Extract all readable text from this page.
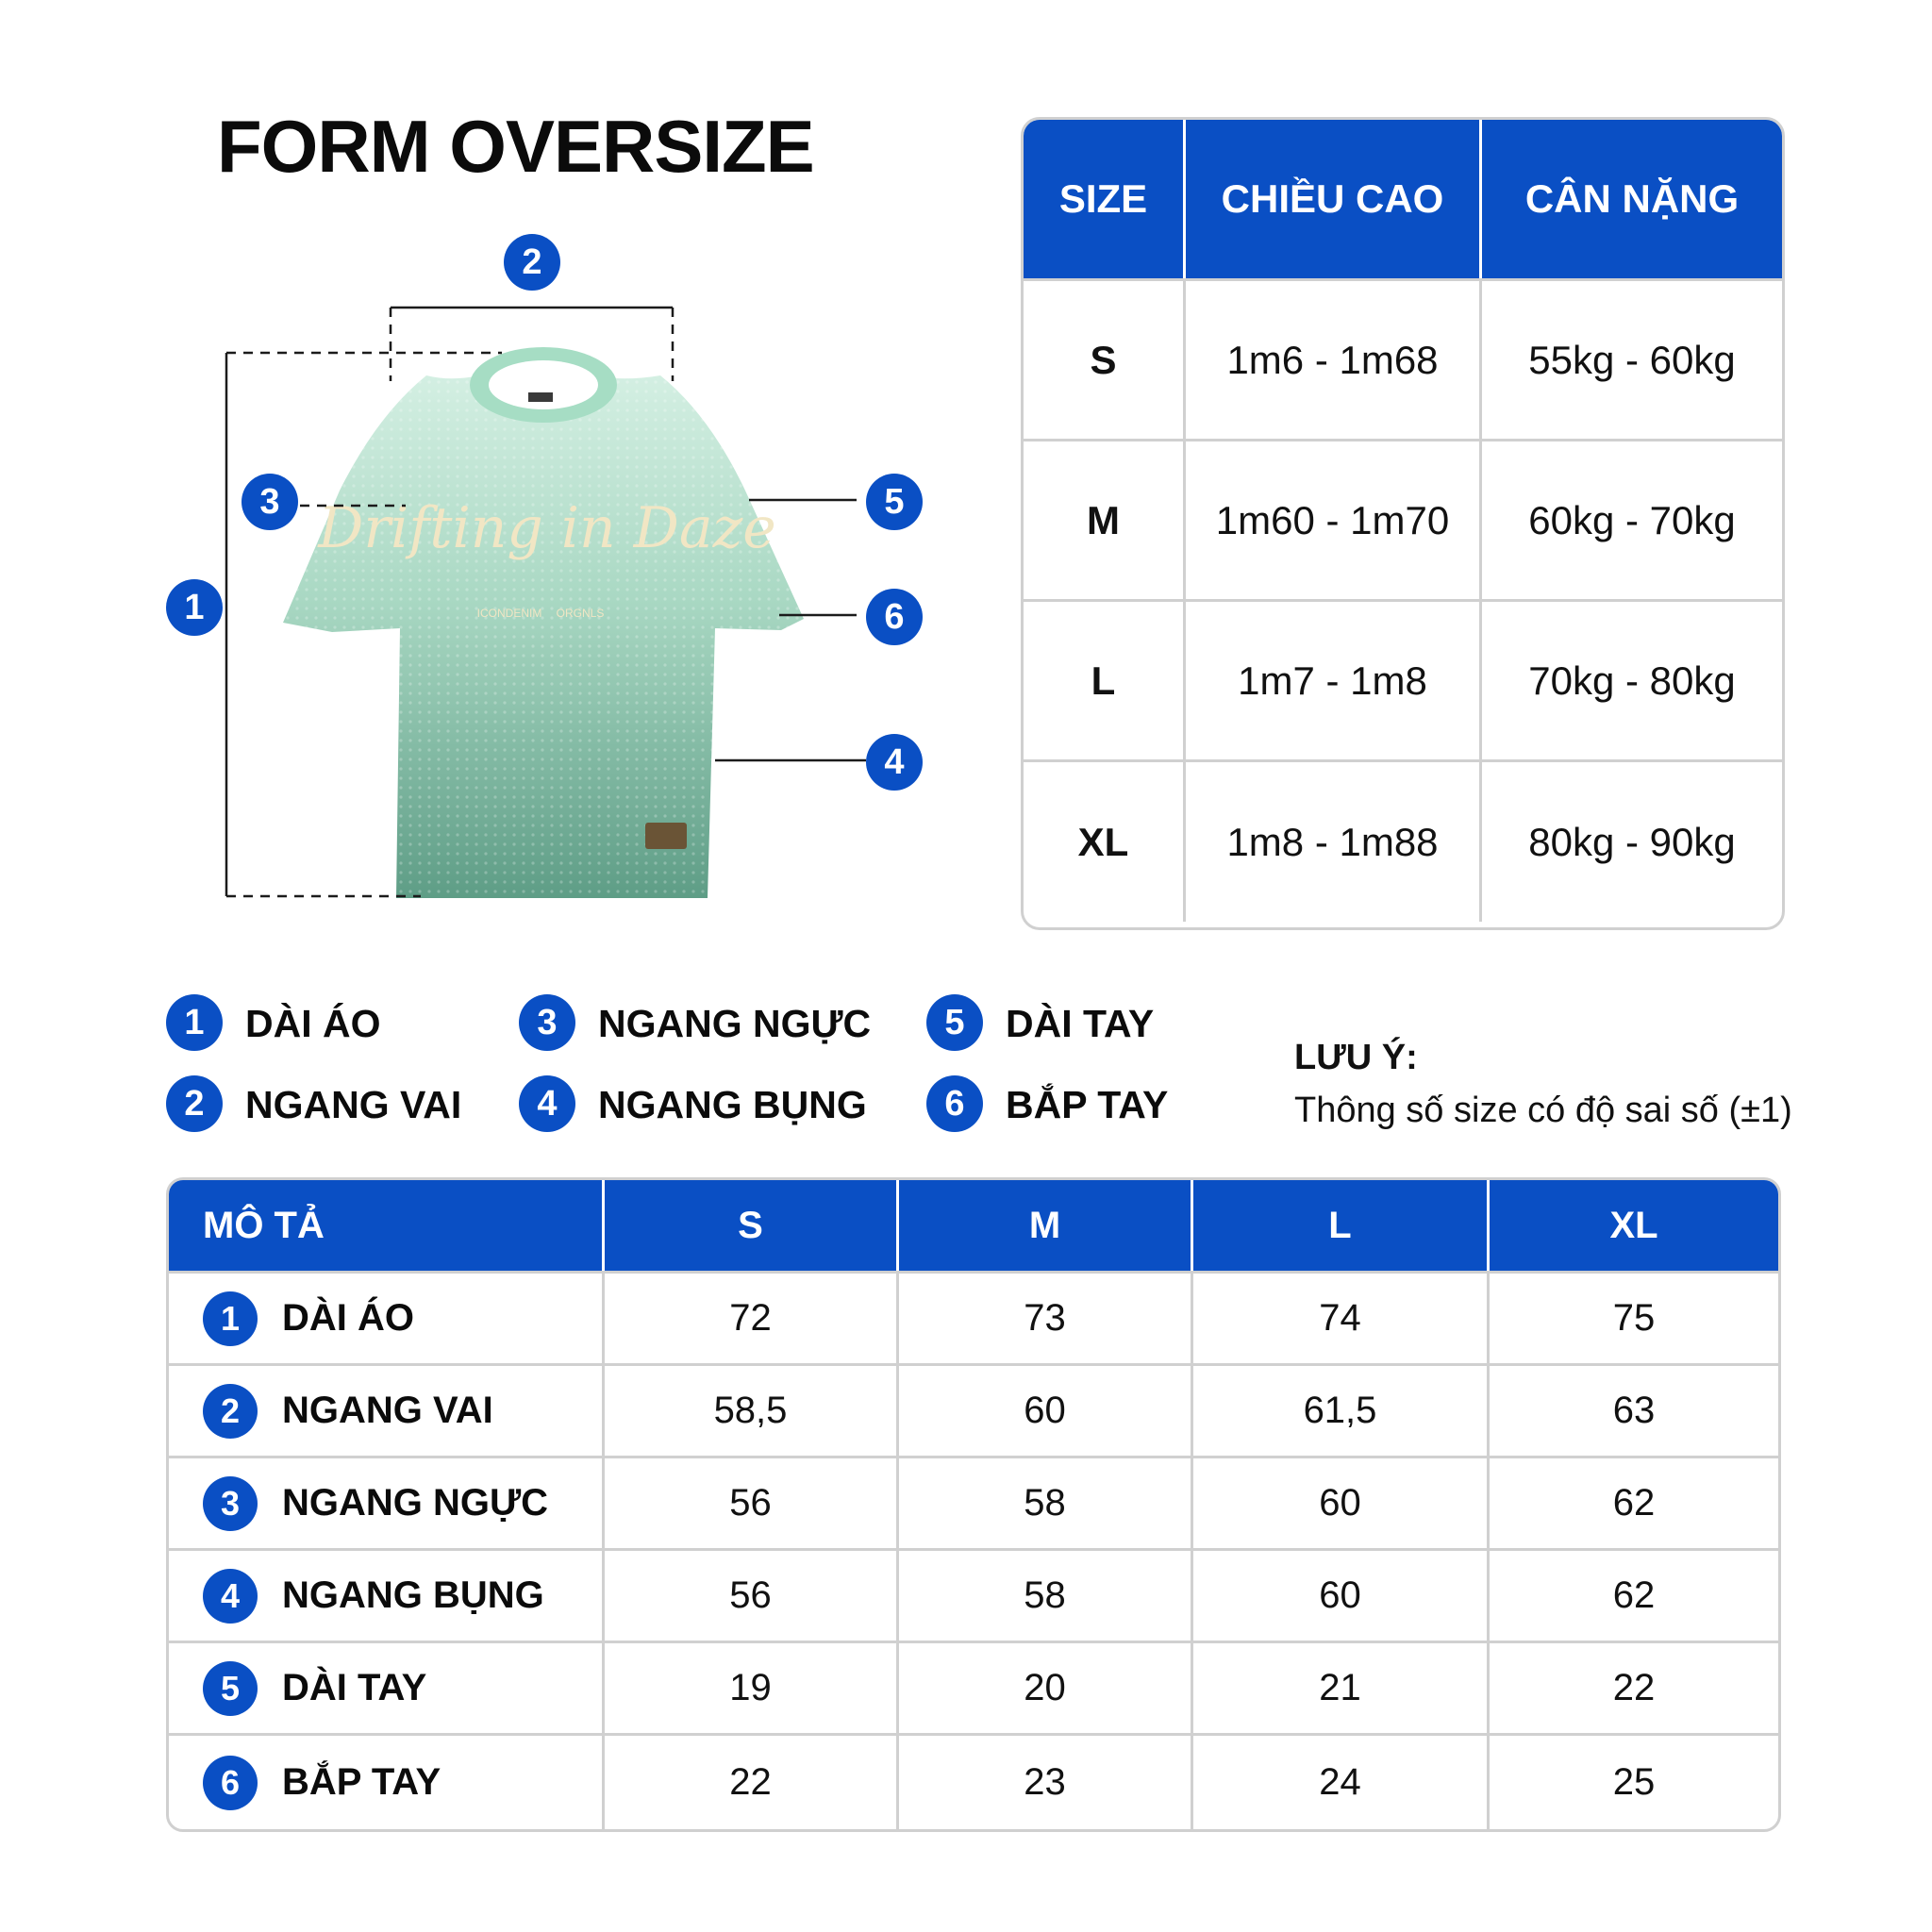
FORM OVERSIZE
Drifting in Daze
ICONDENIM ORGNLS
2
1
3	5
6
4
SIZE	CHIỀU CAO	CÂN NẶNG
S	1m6 - 1m68	55kg - 60kg
M	1m60 - 1m70	60kg - 70kg
L	1m7 - 1m8	70kg - 80kg
XL	1m8 - 1m88	80kg - 90kg
1	DÀI ÁO
2	NGANG VAI
3	NGANG NGỰC
4	NGANG BỤNG
5	DÀI TAY
6	BẮP TAY
LƯU Ý:
Thông số size có độ sai số (±1)
MÔ TẢ	S	M	L	XL
1	DÀI ÁO	72	73	74	75
2	NGANG VAI	58,5	60	61,5	63
3	NGANG NGỰC	56	58	60	62
4	NGANG BỤNG	56	58	60	62
5	DÀI TAY	19	20	21	22
6	BẮP TAY	22	23	24	25
